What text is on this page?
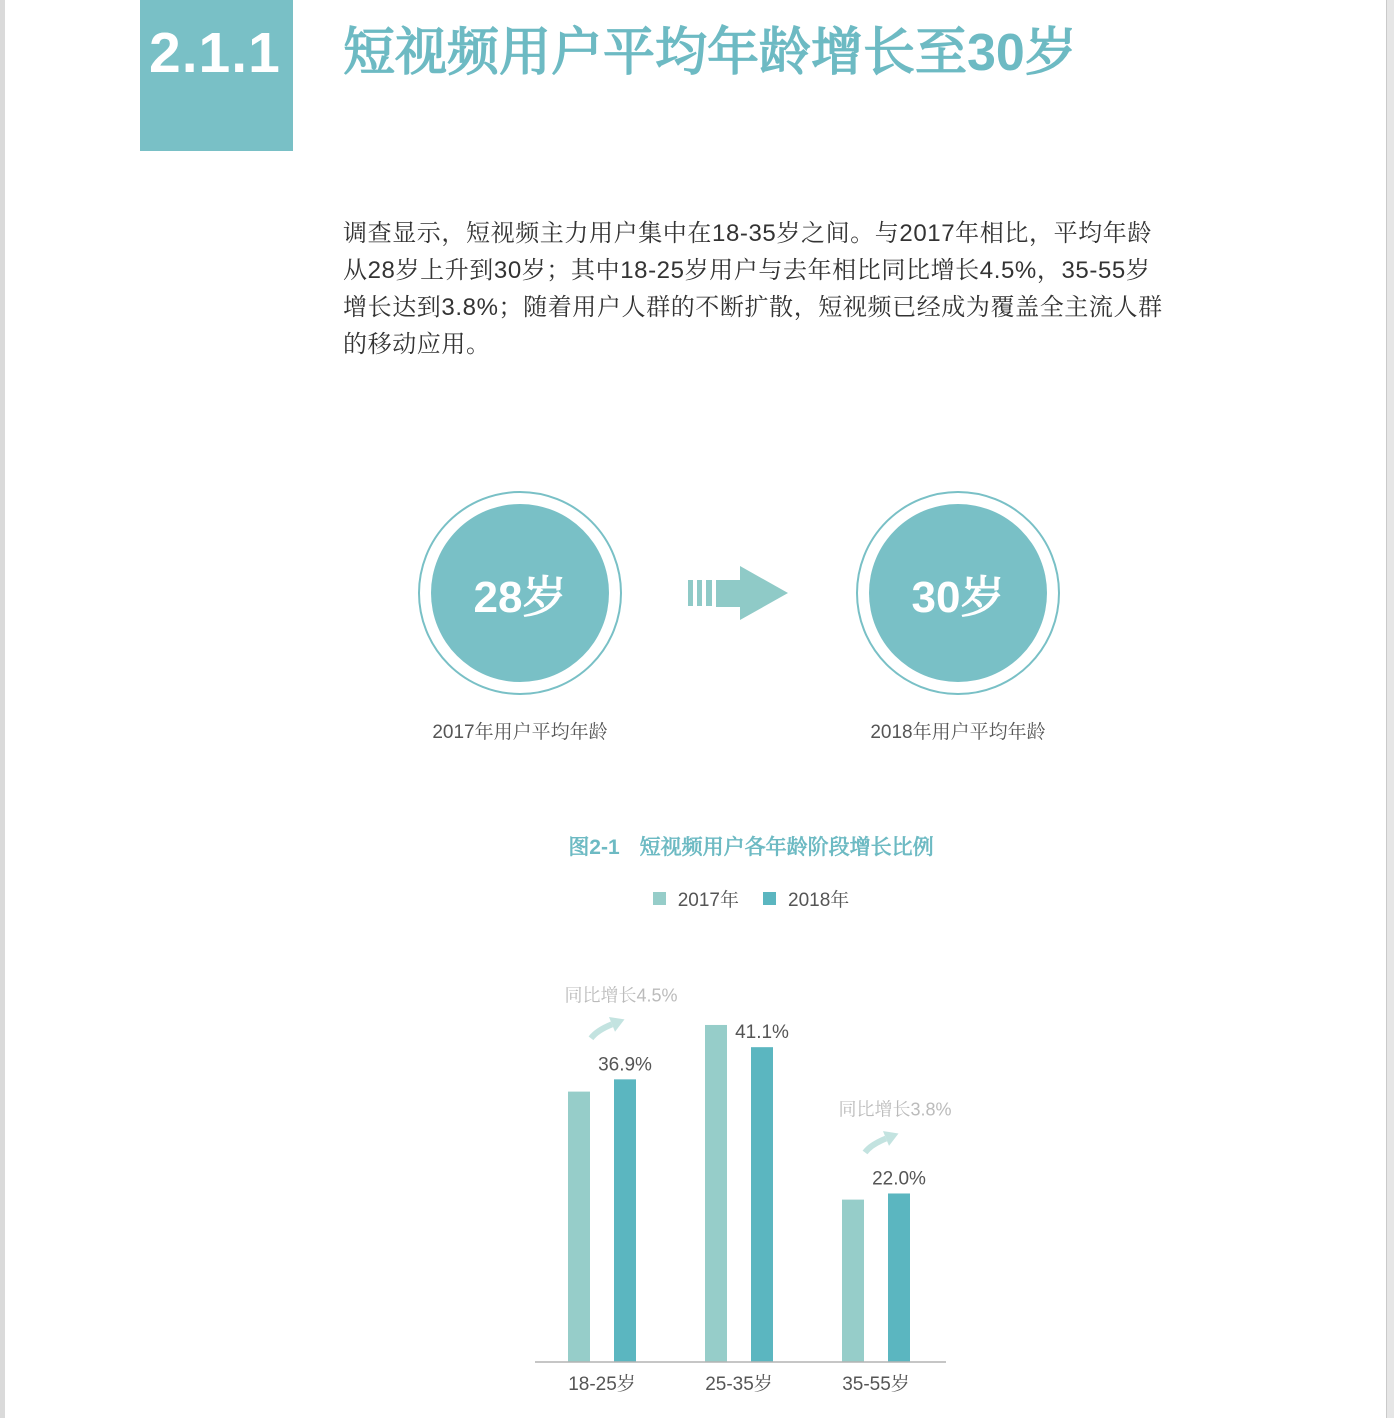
2.1.1 短视频用户平均年龄增长至30岁
调查显示，短视频主力用户集中在18-35岁之间。与2017年相比，平均年龄
从28岁上升到30岁；其中18-25岁用户与去年相比同比增长4.5%，35-55岁
增长达到3.8%；随着用户人群的不断扩散，短视频已经成为覆盖全主流人群
的移动应用。
28岁
2017年用户平均年龄
30岁
2018年用户平均年龄
图2-1 短视频用户各年龄阶段增长比例
2017年	2018年
36.9%
18-25岁
41.1%
25-35岁
22.0%
35-55岁
同比增长4.5%
同比增长3.8%
